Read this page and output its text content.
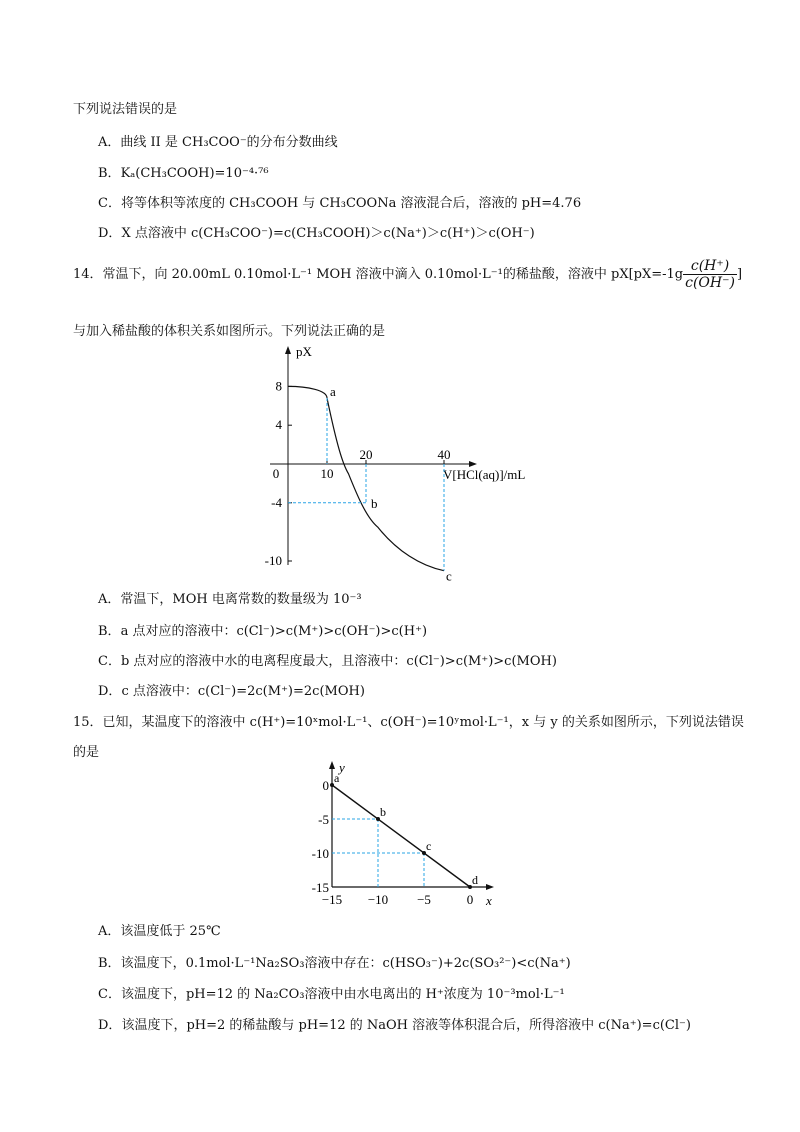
下列说法错误的是
A．曲线 II 是 CH₃COO⁻的分布分数曲线
B．Kₐ(CH₃COOH)=10⁻⁴·⁷⁶
C．将等体积等浓度的 CH₃COOH 与 CH₃COONa 溶液混合后，溶液的 pH=4.76
D．X 点溶液中 c(CH₃COO⁻)=c(CH₃COOH)＞c(Na⁺)＞c(H⁺)＞c(OH⁻)
14．常温下，向 20.00mL 0.10mol·L⁻¹ MOH 溶液中滴入 0.10mol·L⁻¹的稀盐酸，溶液中 $pX[pX=-1g \frac{c(H^+)}{c(OH^-)}$ ]
与加入稀盐酸的体积关系如图所示。下列说法正确的是
pX
V[HCl(aq)]/mL
0	10
20	40
8
4
-4
-10
a
b
c
A．常温下，MOH 电离常数的数量级为 10⁻³
B．a 点对应的溶液中：c(Cl⁻)>c(M⁺)>c(OH⁻)>c(H⁺)
C．b 点对应的溶液中水的电离程度最大，且溶液中：c(Cl⁻)>c(M⁺)>c(MOH)
D．c 点溶液中：c(Cl⁻)=2c(M⁺)=2c(MOH)
15．已知，某温度下的溶液中 c(H⁺)=10ˣmol·L⁻¹、c(OH⁻)=10ʸmol·L⁻¹，x 与 y 的关系如图所示，下列说法错误
的是
y
x
−15 −10 −5	0
0
-5
-10
-15
a
b
c
d
A．该温度低于 25℃
B．该温度下，0.1mol·L⁻¹Na₂SO₃溶液中存在：c(HSO₃⁻)+2c(SO₃²⁻)<c(Na⁺)
C．该温度下，pH=12 的 Na₂CO₃溶液中由水电离出的 H⁺浓度为 10⁻³mol·L⁻¹
D．该温度下，pH=2 的稀盐酸与 pH=12 的 NaOH 溶液等体积混合后，所得溶液中 c(Na⁺)=c(Cl⁻)
